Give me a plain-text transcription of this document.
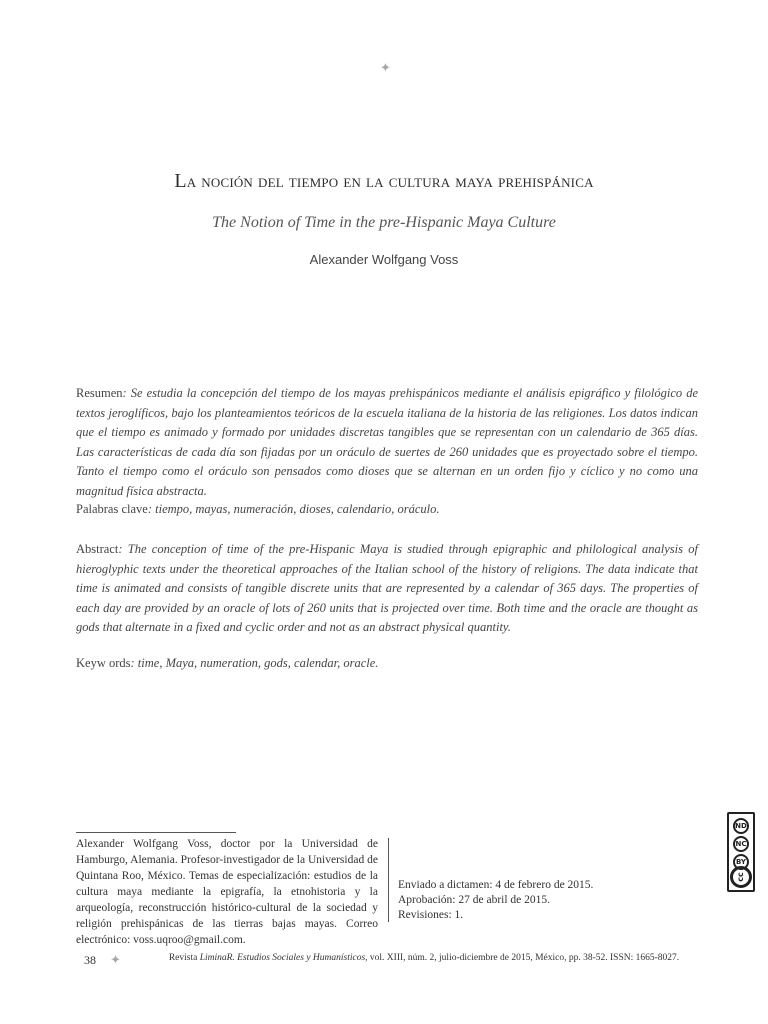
✦
La noción del tiempo en la cultura maya prehispánica
The Notion of Time in the pre-Hispanic Maya Culture
Alexander Wolfgang Voss
Resumen: Se estudia la concepción del tiempo de los mayas prehispánicos mediante el análisis epigráfico y filológico de textos jeroglíficos, bajo los planteamientos teóricos de la escuela italiana de la historia de las religiones. Los datos indican que el tiempo es animado y formado por unidades discretas tangibles que se representan con un calendario de 365 días. Las características de cada día son fijadas por un oráculo de suertes de 260 unidades que es proyectado sobre el tiempo. Tanto el tiempo como el oráculo son pensados como dioses que se alternan en un orden fijo y cíclico y no como una magnitud física abstracta.
Palabras clave: tiempo, mayas, numeración, dioses, calendario, oráculo.
Abstract: The conception of time of the pre-Hispanic Maya is studied through epigraphic and philological analysis of hieroglyphic texts under the theoretical approaches of the Italian school of the history of religions. The data indicate that time is animated and consists of tangible discrete units that are represented by a calendar of 365 days. The properties of each day are provided by an oracle of lots of 260 units that is projected over time. Both time and the oracle are thought as gods that alternate in a fixed and cyclic order and not as an abstract physical quantity.
Keyw ords: time, Maya, numeration, gods, calendar, oracle.
Alexander Wolfgang Voss, doctor por la Universidad de Hamburgo, Alemania. Profesor-investigador de la Universidad de Quintana Roo, México. Temas de especialización: estudios de la cultura maya mediante la epigrafía, la etnohistoria y la arqueología, reconstrucción histórico-cultural de la sociedad y religión prehispánicas de las tierras bajas mayas. Correo electrónico: voss.uqroo@gmail.com.
Enviado a dictamen: 4 de febrero de 2015.
Aprobación: 27 de abril de 2015.
Revisiones: 1.
ND
NC
BY
cc
38 ✦	Revista LiminaR. Estudios Sociales y Humanísticos, vol. XIII, núm. 2, julio-diciembre de 2015, México, pp. 38-52. ISSN: 1665-8027.
